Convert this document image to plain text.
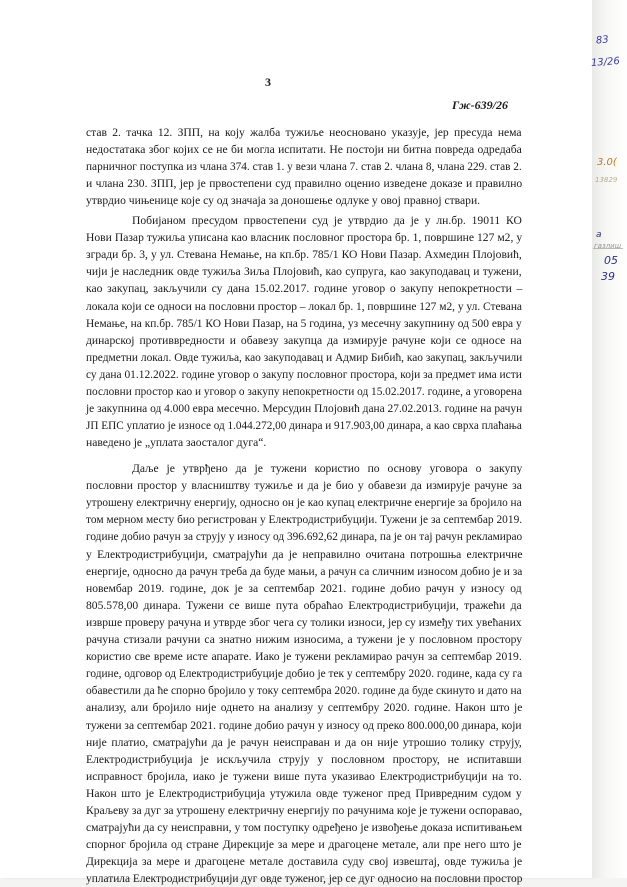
3
Гж-639/26
став 2. тачка 12. ЗПП, на коју жалба тужиље неосновано указује, јер пресуда нема
недостатака због којих се не би могла испитати. Не постоји ни битна повреда одредаба
парничног поступка из члана 374. став 1. у вези члана 7. став 2. члана 8, члана 229. став 2.
и члана 230. ЗПП, јер је првостепени суд правилно оценио изведене доказе и правилно
утврдио чињенице које су од значаја за доношење одлуке у овој правној ствари.
Побијаном пресудом првостепени суд је утврдио да је у лн.бр. 19011 КО
Нови Пазар тужиља уписана као власник пословног простора бр. 1, површине 127 м2, у
згради бр. 3, у ул. Стевана Немање, на кп.бр. 785/1 КО Нови Пазар. Ахмедин Плојовић,
чији је наследник овде тужиља Зиља Плојовић, као супруга, као закуподавац и тужени,
као закупац, закључили су дана 15.02.2017. године уговор о закупу непокретности –
локала који се односи на пословни простор – локал бр. 1, површине 127 м2, у ул. Стевана
Немање, на кп.бр. 785/1 КО Нови Пазар, на 5 година, уз месечну закупнину од 500 евра у
динарској противвредности и обавезу закупца да измирује рачуне који се односе на
предметни локал. Овде тужиља, као закуподавац и Адмир Бибић, као закупац, закључили
су дана 01.12.2022. године уговор о закупу пословног простора, који за предмет има исти
пословни простор као и уговор о закупу непокретности од 15.02.2017. године, а уговорена
је закупнина од 4.000 евра месечно. Мерсудин Плојовић дана 27.02.2013. године на рачун
ЈП ЕПС уплатио је износе од 1.044.272,00 динара и 917.903,00 динара, а као сврха плаћања
наведено је „уплата заосталог дуга“.
Даље је утврђено да је тужени користио по основу уговора о закупу
пословни простор у власништву тужиље и да је био у обавези да измирује рачуне за
утрошену електричну енергију, односно он је као купац електричне енергије за бројило на
том мерном месту био регистрован у Електродистрибуцији. Тужени је за септембар 2019.
године добио рачун за струју у износу од 396.692,62 динара, па је он тај рачун рекламирао
у Електродистрибуцији, сматрајући да је неправилно очитана потрошња електричне
енергије, односно да рачун треба да буде мањи, а рачун са сличним износом добио је и за
новембар 2019. године, док је за септембар 2021. године добио рачун у износу од
805.578,00 динара. Тужени се више пута обраћао Електродистрибуцији, тражећи да
изврше проверу рачуна и утврде због чега су толики износи, јер су између тих увећаних
рачуна стизали рачуни са знатно нижим износима, а тужени је у пословном простору
користио све време исте апарате. Иако је тужени рекламирао рачун за септембар 2019.
године, одговор од Електродистрибуције добио је тек у септембру 2020. године, када су га
обавестили да ће спорно бројило у току септембра 2020. године да буде скинуто и дато на
анализу, али бројило није однето на анализу у септембру 2020. године. Након што је
тужени за септембар 2021. године добио рачун у износу од преко 800.000,00 динара, који
није платио, сматрајући да је рачун неисправан и да он није утрошио толику струју,
Електродистрибуција је искључила струју у пословном простору, не испитавши
исправност бројила, иако је тужени више пута указивао Електродистрибуцији на то.
Након што је Електродистрибуција утужила овде туженог пред Привредним судом у
Краљеву за дуг за утрошену електричну енергију по рачунима које је тужени оспоравао,
сматрајући да су неисправни, у том поступку одређено је извођење доказа испитивањем
спорног бројила од стране Дирекције за мере и драгоцене метале, али пре него што је
Дирекција за мере и драгоцене метале доставила суду свој извештај, овде тужиља је
уплатила Електродистрибуцији дуг овде туженог, јер се дуг односио на пословни простор
83
13/26
3.0(
13829
a
газлиш
05
39
